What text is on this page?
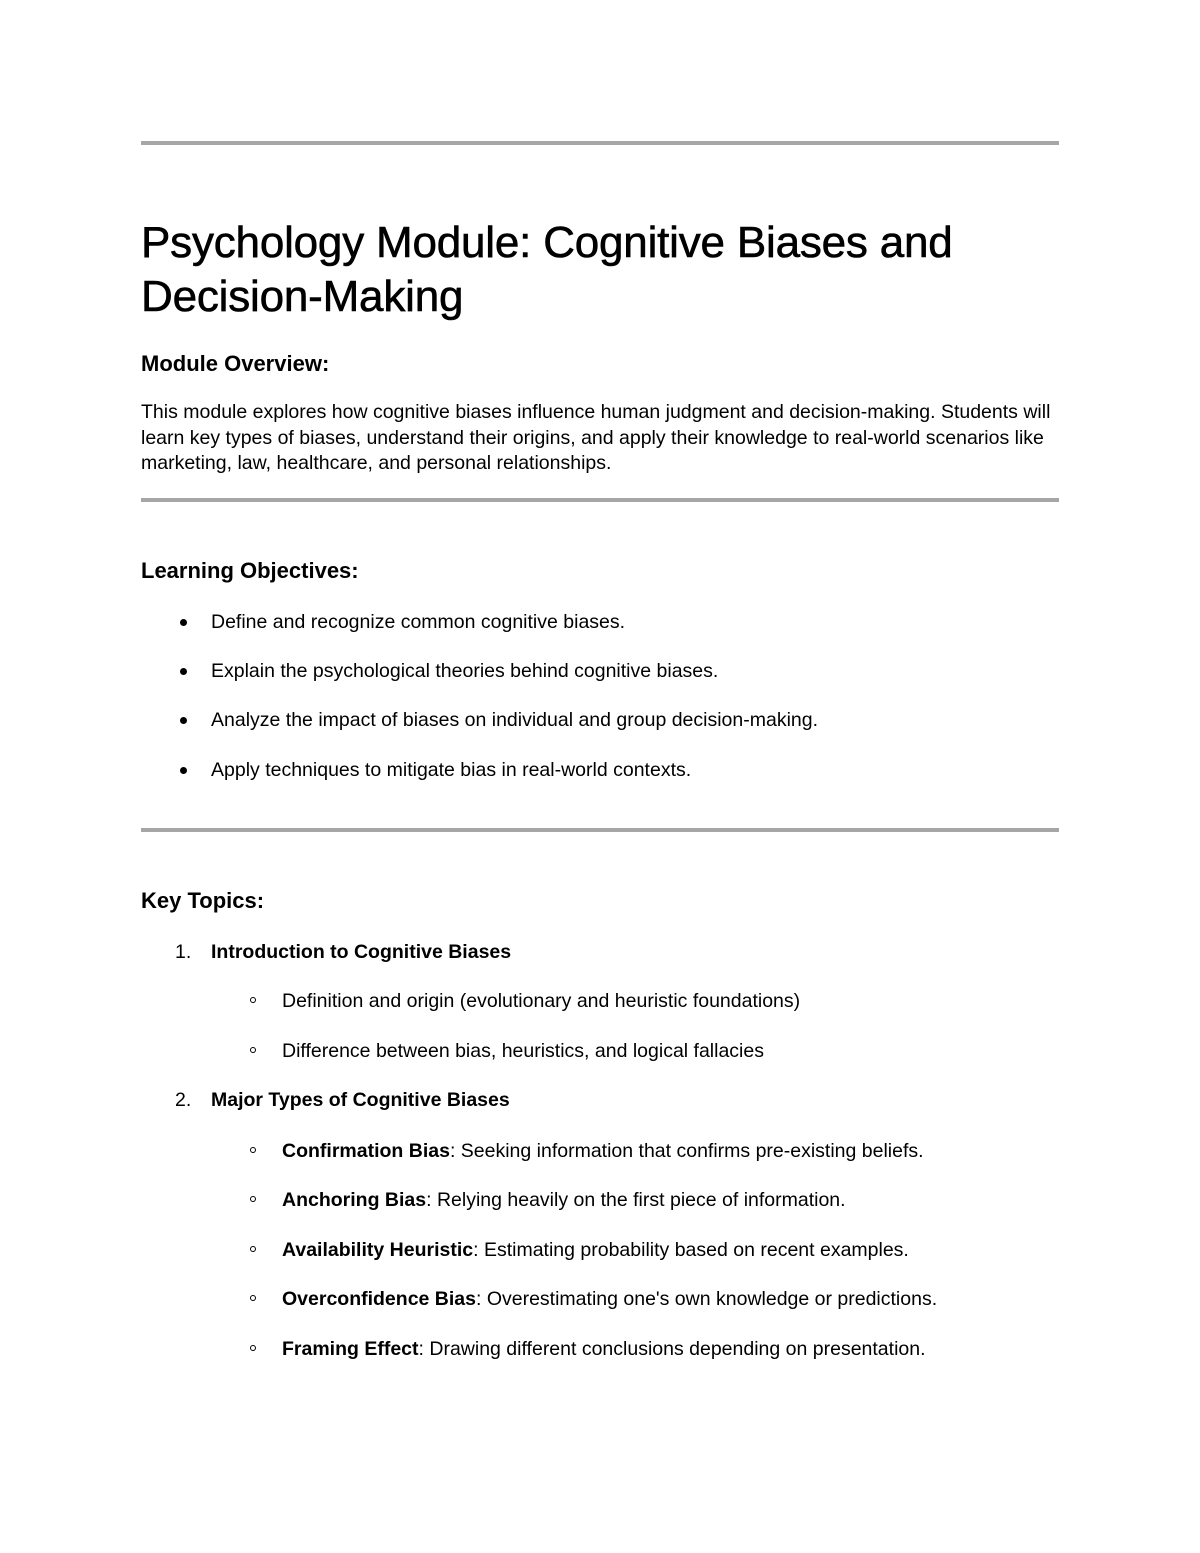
Psychology Module: Cognitive Biases and Decision-Making
Module Overview:

This module explores how cognitive biases influence human judgment and decision-making. Students will learn key types of biases, understand their origins, and apply their knowledge to real-world scenarios like marketing, law, healthcare, and personal relationships.

Learning Objectives:
Define and recognize common cognitive biases.
Explain the psychological theories behind cognitive biases.
Analyze the impact of biases on individual and group decision-making.
Apply techniques to mitigate bias in real-world contexts.
Key Topics:
1. Introduction to Cognitive Biases
Definition and origin (evolutionary and heuristic foundations)
Difference between bias, heuristics, and logical fallacies
2. Major Types of Cognitive Biases
Confirmation Bias: Seeking information that confirms pre-existing beliefs.
Anchoring Bias: Relying heavily on the first piece of information.
Availability Heuristic: Estimating probability based on recent examples.
Overconfidence Bias: Overestimating one's own knowledge or predictions.
Framing Effect: Drawing different conclusions depending on presentation.
